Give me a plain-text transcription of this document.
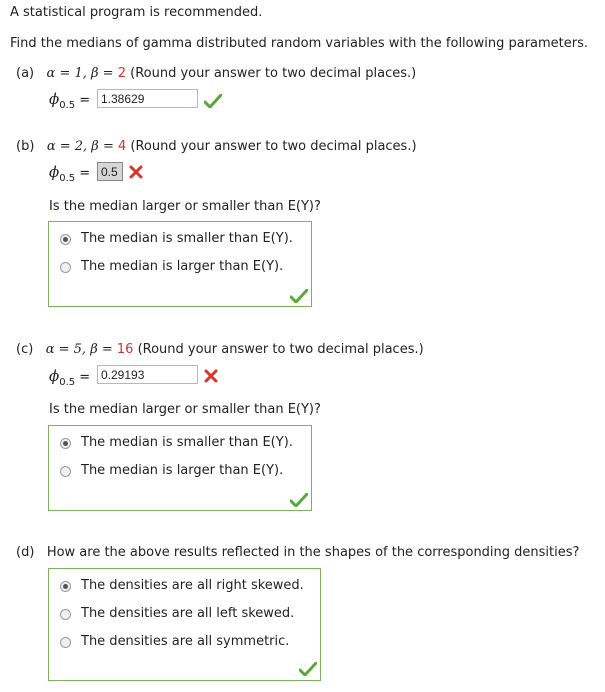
A statistical program is recommended.
Find the medians of gamma distributed random variables with the following parameters.
(a) α = 1, β = 2 (Round your answer to two decimal places.)
$\phi_{0.5} = 1.38629$
(b) α = 2, β = 4 (Round your answer to two decimal places.)
$\phi_{0.5} = 0.5$
Is the median larger or smaller than E(Y)?
The median is smaller than E(Y).
The median is larger than E(Y).
(c) α = 5, β = 16 (Round your answer to two decimal places.)
$\phi_{0.5} = 0.29193$
Is the median larger or smaller than E(Y)?
The median is smaller than E(Y).
The median is larger than E(Y).
(d) How are the above results reflected in the shapes of the corresponding densities?
The densities are all right skewed.
The densities are all left skewed.
The densities are all symmetric.
